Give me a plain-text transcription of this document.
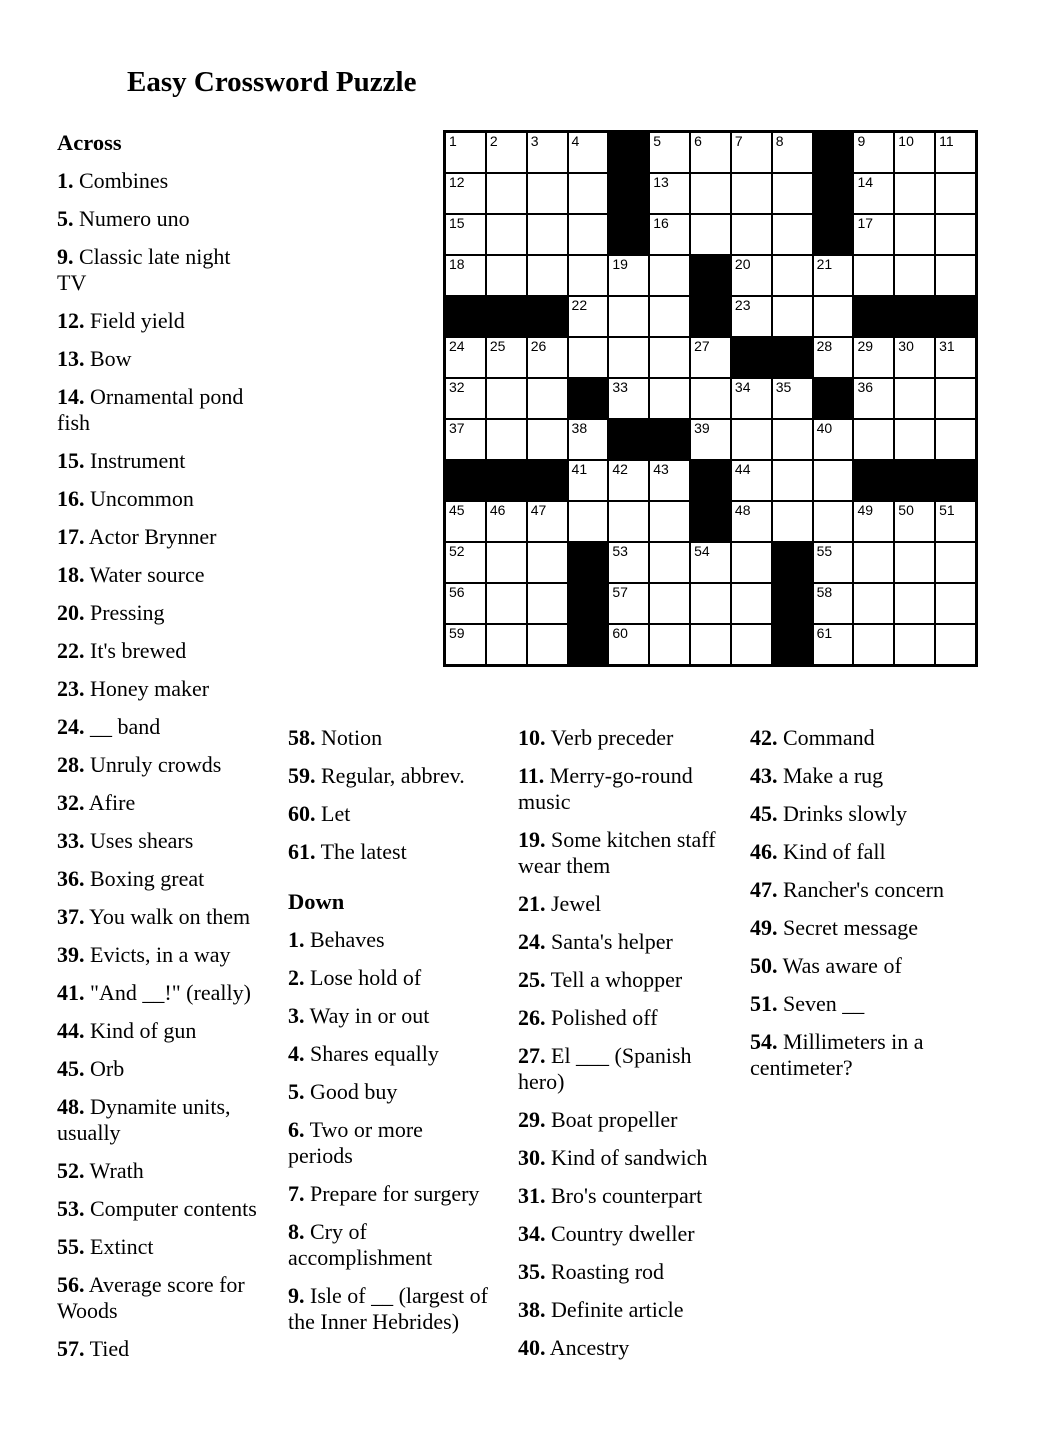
Easy Crossword Puzzle
1 2 3 4	5 6 7 8	9 10 11
12	13	14
15	16	17
18	19	20	21
22	23
24 25 26	27	28 29 30 31
32	33	34 35	36
37	38	39	40
41 42 43	44
45 46 47	48	49 50 51
52	53	54	55
56	57	58
59	60	61

Across

1. Combines

5. Numero uno

9. Classic late night TV

12. Field yield

13. Bow

14. Ornamental pond fish

15. Instrument

16. Uncommon

17. Actor Brynner

18. Water source

20. Pressing

22. It's brewed

23. Honey maker

24. __ band

28. Unruly crowds

32. Afire

33. Uses shears

36. Boxing great

37. You walk on them

39. Evicts, in a way

41. "And __!" (really)

44. Kind of gun

45. Orb

48. Dynamite units, usually

52. Wrath

53. Computer contents

55. Extinct

56. Average score for Woods

57. Tied

58. Notion

59. Regular, abbrev.

60. Let

61. The latest

Down

1. Behaves

2. Lose hold of

3. Way in or out

4. Shares equally

5. Good buy

6. Two or more periods

7. Prepare for surgery

8. Cry of accomplishment

9. Isle of __ (largest of the Inner Hebrides)

10. Verb preceder

11. Merry-go-round music

19. Some kitchen staff wear them

21. Jewel

24. Santa's helper

25. Tell a whopper

26. Polished off

27. El ___ (Spanish hero)

29. Boat propeller

30. Kind of sandwich

31. Bro's counterpart

34. Country dweller

35. Roasting rod

38. Definite article

40. Ancestry

42. Command

43. Make a rug

45. Drinks slowly

46. Kind of fall

47. Rancher's concern

49. Secret message

50. Was aware of

51. Seven __

54. Millimeters in a centimeter?
